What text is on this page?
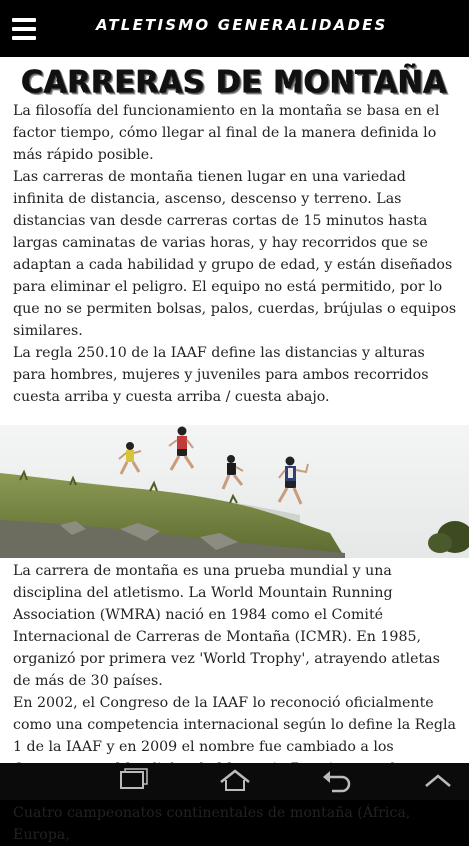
ATLETISMO GENERALIDADES
CARRERAS DE MONTAÑA

La filosofía del funcionamiento en la montaña se basa en el factor tiempo, cómo llegar al final de la manera definida lo más rápido posible.

Las carreras de montaña tienen lugar en una variedad infinita de distancia, ascenso, descenso y terreno. Las distancias van desde carreras cortas de 15 minutos hasta largas caminatas de varias horas, y hay recorridos que se adaptan a cada habilidad y grupo de edad, y están diseñados para eliminar el peligro. El equipo no está permitido, por lo que no se permiten bolsas, palos, cuerdas, brújulas o equipos similares.

La regla 250.10 de la IAAF define las distancias y alturas para hombres, mujeres y juveniles para ambos recorridos cuesta arriba y cuesta arriba / cuesta abajo.

La carrera de montaña es una prueba mundial y una disciplina del atletismo. La World Mountain Running Association (WMRA) nació en 1984 como el Comité Internacional de Carreras de Montaña (ICMR). En 1985, organizó por primera vez 'World Trophy', atrayendo atletas de más de 30 países.

En 2002, el Congreso de la IAAF lo reconoció oficialmente como una competencia internacional según lo define la Regla 1 de la IAAF y en 2009 el nombre fue cambiado a los

Cuatro campeonatos continentales de montaña (África, Europa,
